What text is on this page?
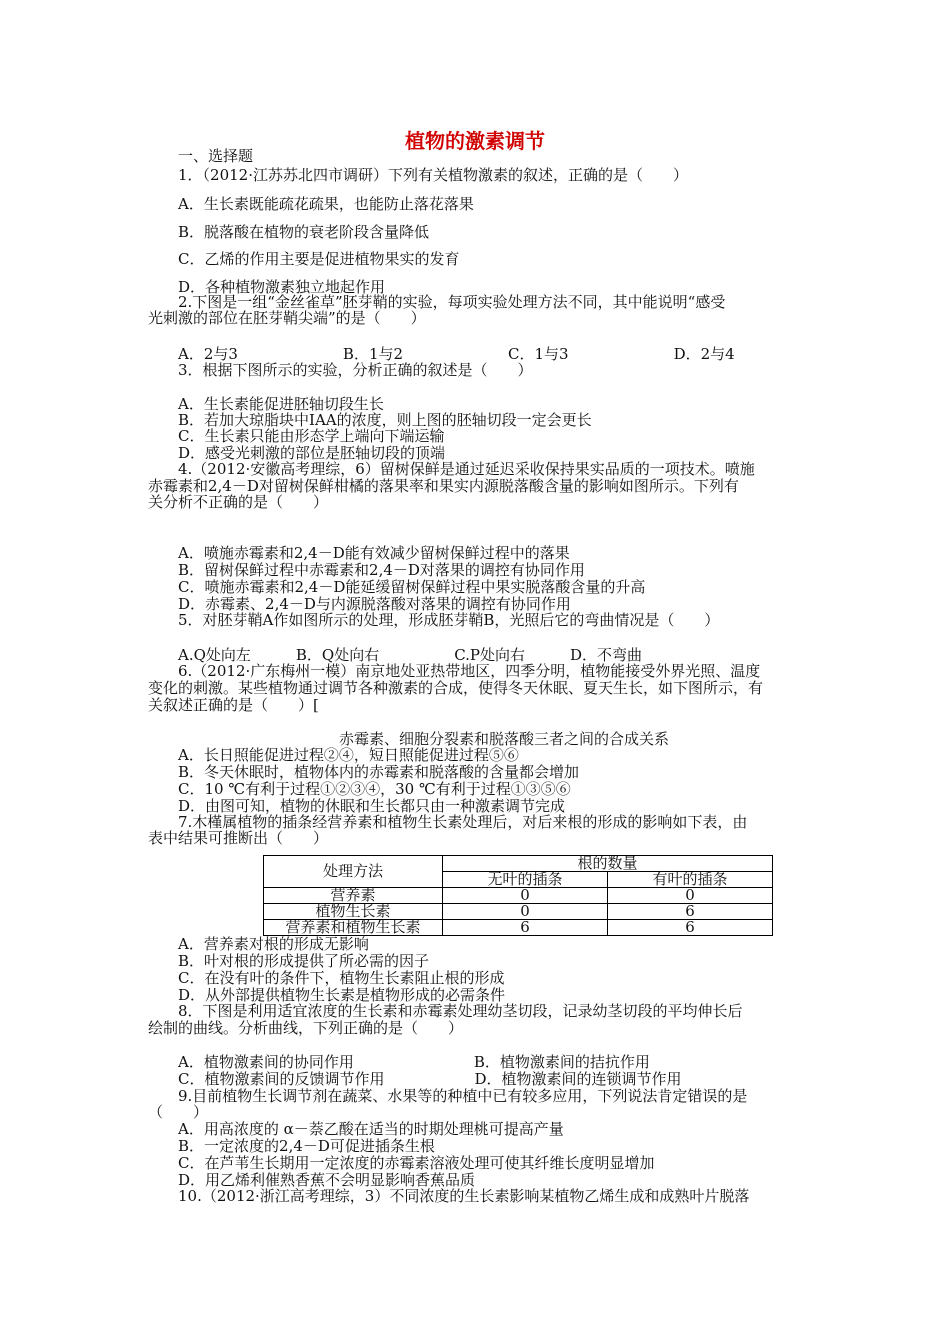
植物的激素调节
一、选择题
1．（2012·江苏苏北四市调研）下列有关植物激素的叙述，正确的是（　　）
A．生长素既能疏花疏果，也能防止落花落果
B．脱落酸在植物的衰老阶段含量降低
C．乙烯的作用主要是促进植物果实的发育
D．各种植物激素独立地起作用
2.下图是一组“金丝雀草”胚芽鞘的实验，每项实验处理方法不同，其中能说明“感受
光刺激的部位在胚芽鞘尖端”的是（　　）
A．2与3　　　　　　　B．1与2　　　　　　　C．1与3　　　　　　　D．2与4
3．根据下图所示的实验，分析正确的叙述是（　　）
A．生长素能促进胚轴切段生长
B．若加大琼脂块中IAA的浓度，则上图的胚轴切段一定会更长
C．生长素只能由形态学上端向下端运输
D．感受光刺激的部位是胚轴切段的顶端
4.（2012·安徽高考理综，6）留树保鲜是通过延迟采收保持果实品质的一项技术。喷施
赤霉素和2,4－D对留树保鲜柑橘的落果率和果实内源脱落酸含量的影响如图所示。下列有
关分析不正确的是（　　）
A．喷施赤霉素和2,4－D能有效减少留树保鲜过程中的落果
B．留树保鲜过程中赤霉素和2,4－D对落果的调控有协同作用
C．喷施赤霉素和2,4－D能延缓留树保鲜过程中果实脱落酸含量的升高
D．赤霉素、2,4－D与内源脱落酸对落果的调控有协同作用
5．对胚芽鞘A作如图所示的处理，形成胚芽鞘B，光照后它的弯曲情况是（　　）
A.Q处向左　　　B．Q处向右　　　　　C.P处向右　　　D．不弯曲
6.（2012·广东梅州一模）南京地处亚热带地区，四季分明，植物能接受外界光照、温度
变化的刺激。某些植物通过调节各种激素的合成，使得冬天休眠、夏天生长，如下图所示，有
关叙述正确的是（　　）[
赤霉素、细胞分裂素和脱落酸三者之间的合成关系
A．长日照能促进过程②④，短日照能促进过程⑤⑥
B．冬天休眠时，植物体内的赤霉素和脱落酸的含量都会增加
C．10 ℃有利于过程①②③④，30 ℃有利于过程①③⑤⑥
D．由图可知，植物的休眠和生长都只由一种激素调节完成
7.木槿属植物的插条经营养素和植物生长素处理后，对后来根的形成的影响如下表，由
表中结果可推断出（　　）
A．营养素对根的形成无影响
B．叶对根的形成提供了所必需的因子
C．在没有叶的条件下，植物生长素阻止根的形成
D．从外部提供植物生长素是植物形成的必需条件
8．下图是利用适宜浓度的生长素和赤霉素处理幼茎切段，记录幼茎切段的平均伸长后
绘制的曲线。分析曲线，下列正确的是（　　）
A．植物激素间的协同作用　　　　　　　　B．植物激素间的拮抗作用
C．植物激素间的反馈调节作用　　　　　　D．植物激素间的连锁调节作用
9.目前植物生长调节剂在蔬菜、水果等的种植中已有较多应用，下列说法肯定错误的是
（　　）
A．用高浓度的 α－萘乙酸在适当的时期处理桃可提高产量
B．一定浓度的2,4－D可促进插条生根
C．在芦苇生长期用一定浓度的赤霉素溶液处理可使其纤维长度明显增加
D．用乙烯利催熟香蕉不会明显影响香蕉品质
10.（2012·浙江高考理综，3）不同浓度的生长素影响某植物乙烯生成和成熟叶片脱落
处理方法	根的数量	
	无叶的插条	有叶的插条
营养素	0	0
植物生长素	0	6
营养素和植物生长素	6	6
